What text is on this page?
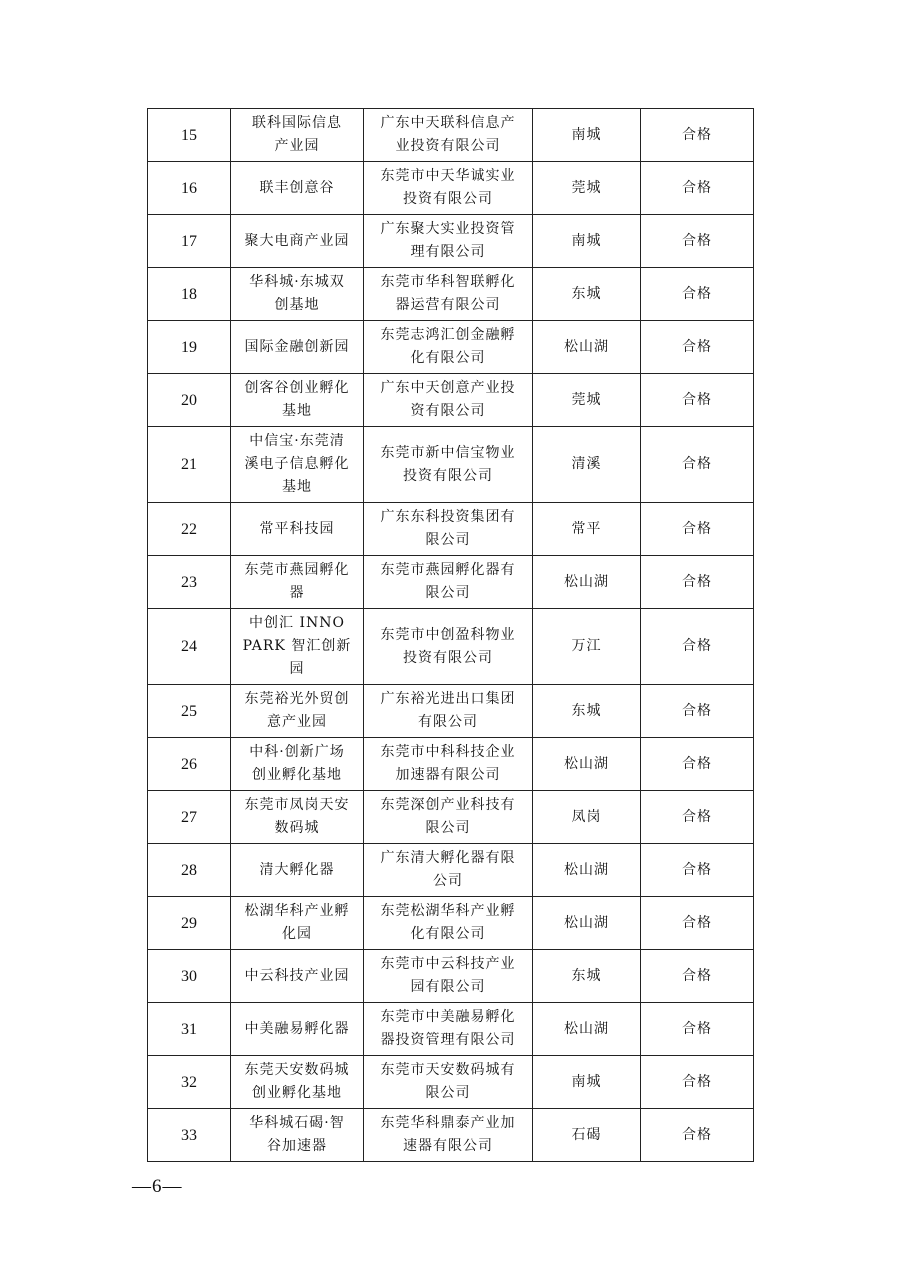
15	联科国际信息
产业园	广东中天联科信息产
业投资有限公司	南城	合格
16	联丰创意谷	东莞市中天华诚实业
投资有限公司	莞城	合格
17	聚大电商产业园	广东聚大实业投资管
理有限公司	南城	合格
18	华科城·东城双
创基地	东莞市华科智联孵化
器运营有限公司	东城	合格
19	国际金融创新园	东莞志鸿汇创金融孵
化有限公司	松山湖	合格
20	创客谷创业孵化
基地	广东中天创意产业投
资有限公司	莞城	合格
21	中信宝·东莞清
溪电子信息孵化
基地	东莞市新中信宝物业
投资有限公司	清溪	合格
22	常平科技园	广东东科投资集团有
限公司	常平	合格
23	东莞市燕园孵化
器	东莞市燕园孵化器有
限公司	松山湖	合格
24	中创汇 INNO
PARK 智汇创新园	东莞市中创盈科物业
投资有限公司	万江	合格
25	东莞裕光外贸创
意产业园	广东裕光进出口集团
有限公司	东城	合格
26	中科·创新广场
创业孵化基地	东莞市中科科技企业
加速器有限公司	松山湖	合格
27	东莞市凤岗天安
数码城	东莞深创产业科技有
限公司	凤岗	合格
28	清大孵化器	广东清大孵化器有限
公司	松山湖	合格
29	松湖华科产业孵
化园	东莞松湖华科产业孵
化有限公司	松山湖	合格
30	中云科技产业园	东莞市中云科技产业
园有限公司	东城	合格
31	中美融易孵化器	东莞市中美融易孵化
器投资管理有限公司	松山湖	合格
32	东莞天安数码城
创业孵化基地	东莞市天安数码城有
限公司	南城	合格
33	华科城石碣·智
谷加速器	东莞华科鼎泰产业加
速器有限公司	石碣	合格
—6—
